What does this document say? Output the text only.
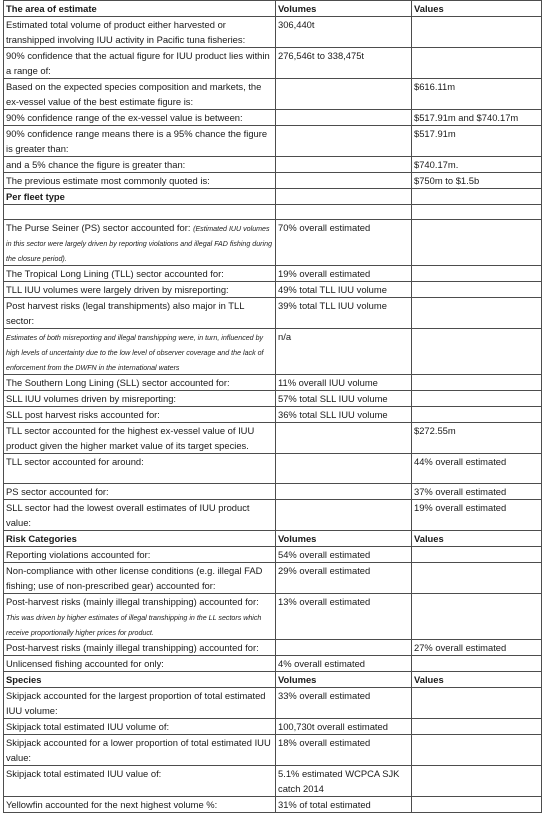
The area of estimate	Volumes	Values
Estimated total volume of product either harvested or transhipped involving IUU activity in Pacific tuna fisheries:	306,440t	
90% confidence that the actual figure for IUU product lies within a range of:	276,546t to 338,475t	
Based on the expected species composition and markets, the ex-vessel value of the best estimate figure is:		$616.11m
90% confidence range of the ex-vessel value is between:		$517.91m and $740.17m
90% confidence range means there is a 95% chance the figure is greater than:		$517.91m
and a 5% chance the figure is greater than:		$740.17m.
The previous estimate most commonly quoted is:		$750m to $1.5b
Per fleet type		

The Purse Seiner (PS) sector accounted for: (Estimated IUU volumes in this sector were largely driven by reporting violations and illegal FAD fishing during the closure period).	70% overall estimated	
The Tropical Long Lining (TLL) sector accounted for:	19% overall estimated	
TLL IUU volumes were largely driven by misreporting:	49% total TLL IUU volume	
Post harvest risks (legal transhipments) also major in TLL sector:	39% total TLL IUU volume	
Estimates of both misreporting and illegal transhipping were, in turn, influenced by high levels of uncertainty due to the low level of observer coverage and the lack of enforcement from the DWFN in the international waters	n/a	
The Southern Long Lining (SLL) sector accounted for:	11% overall IUU volume	
SLL IUU volumes driven by misreporting:	57% total SLL IUU volume	
SLL post harvest risks accounted for:	36% total SLL IUU volume	
TLL sector accounted for the highest ex-vessel value of IUU product given the higher market value of its target species.		$272.55m
TLL sector accounted for around:		44% overall estimated
PS sector accounted for:		37% overall estimated
SLL sector had the lowest overall estimates of IUU product value:		19% overall estimated
Risk Categories	Volumes	Values
Reporting violations accounted for:	54% overall estimated	
Non-compliance with other license conditions (e.g. illegal FAD fishing; use of non-prescribed gear) accounted for:	29% overall estimated	
Post-harvest risks (mainly illegal transhipping) accounted for: This was driven by higher estimates of illegal transhipping in the LL sectors which receive proportionally higher prices for product.	13% overall estimated	
Post-harvest risks (mainly illegal transhipping) accounted for:		27% overall estimated
Unlicensed fishing accounted for only:	4% overall estimated	
Species	Volumes	Values
Skipjack accounted for the largest proportion of total estimated IUU volume:	33% overall estimated	
Skipjack total estimated IUU volume of:	100,730t overall estimated	
Skipjack accounted for a lower proportion of total estimated IUU value:	18% overall estimated	
Skipjack total estimated IUU value of:	5.1% estimated WCPCA SJK catch 2014	
Yellowfin accounted for the next highest volume %:	31% of total estimated	
